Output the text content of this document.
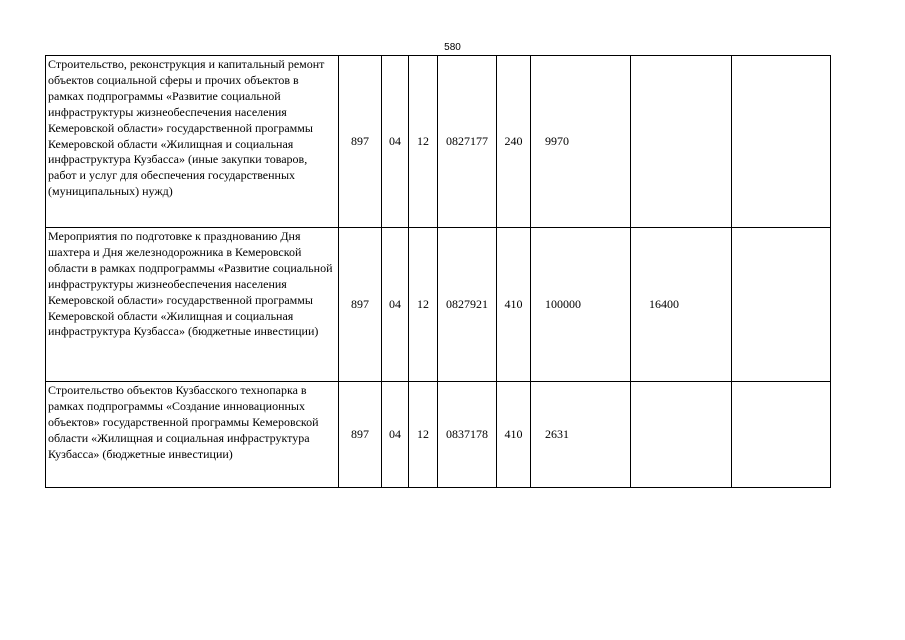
580
Строительство, реконструкция и капитальный ремонт объектов социальной сферы и прочих объектов в рамках подпрограммы «Развитие социальной инфраструктуры жизнеобеспечения населения Кемеровской области» государственной программы Кемеровской области «Жилищная и социальная инфраструктура Кузбасса» (иные закупки товаров, работ и услуг для обеспечения государственных (муниципальных) нужд)	897	04	12	0827177	240	9970		
Мероприятия по подготовке к празднованию Дня шахтера и Дня железнодорожника в Кемеровской области в рамках подпрограммы «Развитие социальной инфраструктуры жизнеобеспечения населения Кемеровской области» государственной программы Кемеровской области «Жилищная и социальная инфраструктура Кузбасса» (бюджетные инвестиции)	897	04	12	0827921	410	100000	16400	
Строительство объектов Кузбасского технопарка в рамках подпрограммы «Создание инновационных объектов» государственной программы Кемеровской области «Жилищная и социальная инфраструктура Кузбасса» (бюджетные инвестиции)	897	04	12	0837178	410	2631		
